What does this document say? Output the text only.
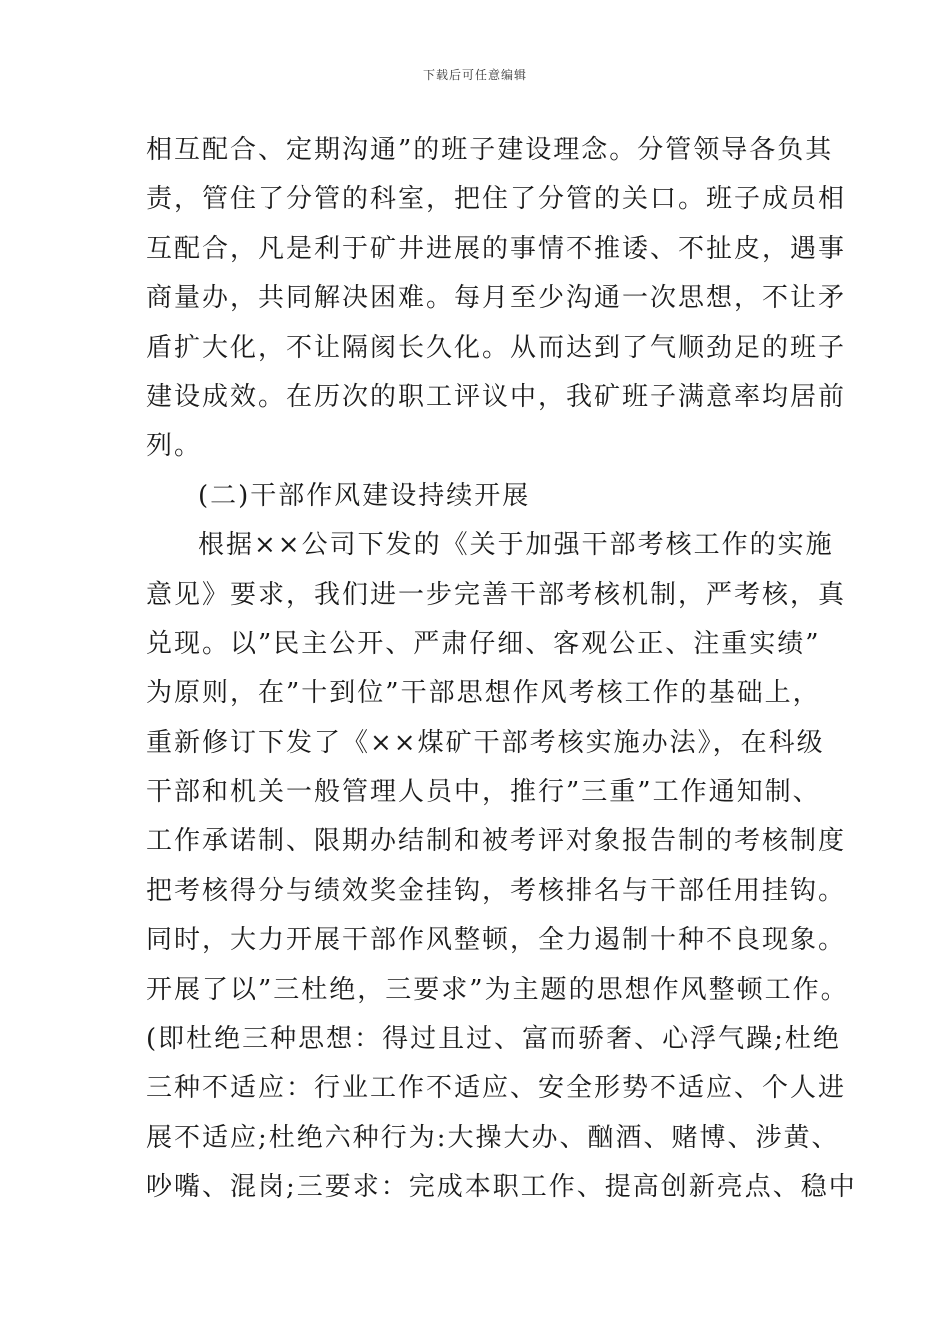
下载后可任意编辑
相互配合、定期沟通”的班子建设理念。分管领导各负其
责，管住了分管的科室，把住了分管的关口。班子成员相
互配合，凡是利于矿井进展的事情不推诿、不扯皮，遇事
商量办，共同解决困难。每月至少沟通一次思想，不让矛
盾扩大化，不让隔阂长久化。从而达到了气顺劲足的班子
建设成效。在历次的职工评议中，我矿班子满意率均居前
列。
(二)干部作风建设持续开展
根据××公司下发的《关于加强干部考核工作的实施
意见》要求，我们进一步完善干部考核机制，严考核，真
兑现。以”民主公开、严肃仔细、客观公正、注重实绩”
为原则，在”十到位”干部思想作风考核工作的基础上，
重新修订下发了《××煤矿干部考核实施办法》，在科级
干部和机关一般管理人员中，推行”三重”工作通知制、
工作承诺制、限期办结制和被考评对象报告制的考核制度
把考核得分与绩效奖金挂钩，考核排名与干部任用挂钩。
同时，大力开展干部作风整顿，全力遏制十种不良现象。
开展了以”三杜绝，三要求”为主题的思想作风整顿工作。
(即杜绝三种思想：得过且过、富而骄奢、心浮气躁;杜绝
三种不适应：行业工作不适应、安全形势不适应、个人进
展不适应;杜绝六种行为:大操大办、酗酒、赌博、涉黄、
吵嘴、混岗;三要求：完成本职工作、提高创新亮点、稳中
